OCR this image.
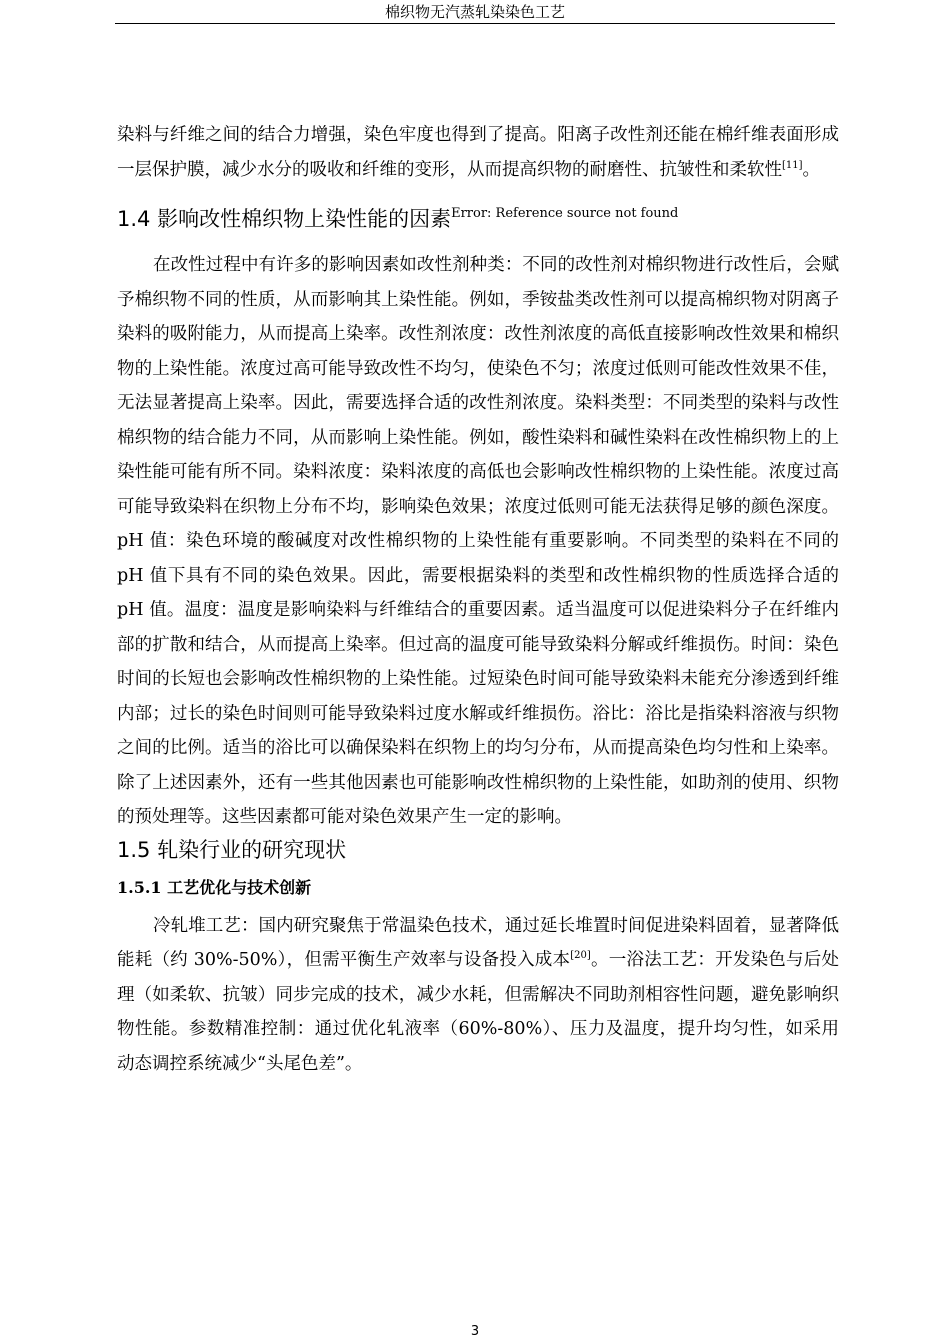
棉织物无汽蒸轧染染色工艺

染料与纤维之间的结合力增强，染色牢度也得到了提高。阳离子改性剂还能在棉纤维表面形成一层保护膜，减少水分的吸收和纤维的变形，从而提高织物的耐磨性、抗皱性和柔软性[11]。

1.4 影响改性棉织物上染性能的因素$^{Error: Reference source not found}$

在改性过程中有许多的影响因素如改性剂种类：不同的改性剂对棉织物进行改性后，会赋予棉织物不同的性质，从而影响其上染性能。例如，季铵盐类改性剂可以提高棉织物对阴离子染料的吸附能力，从而提高上染率。改性剂浓度：改性剂浓度的高低直接影响改性效果和棉织物的上染性能。浓度过高可能导致改性不均匀，使染色不匀；浓度过低则可能改性效果不佳，无法显著提高上染率。因此，需要选择合适的改性剂浓度。染料类型：不同类型的染料与改性棉织物的结合能力不同，从而影响上染性能。例如，酸性染料和碱性染料在改性棉织物上的上染性能可能有所不同。染料浓度：染料浓度的高低也会影响改性棉织物的上染性能。浓度过高可能导致染料在织物上分布不均，影响染色效果；浓度过低则可能无法获得足够的颜色深度。pH 值：染色环境的酸碱度对改性棉织物的上染性能有重要影响。不同类型的染料在不同的 pH 值下具有不同的染色效果。因此，需要根据染料的类型和改性棉织物的性质选择合适的 pH 值。温度：温度是影响染料与纤维结合的重要因素。适当温度可以促进染料分子在纤维内部的扩散和结合，从而提高上染率。但过高的温度可能导致染料分解或纤维损伤。时间：染色时间的长短也会影响改性棉织物的上染性能。过短染色时间可能导致染料未能充分渗透到纤维内部；过长的染色时间则可能导致染料过度水解或纤维损伤。浴比：浴比是指染料溶液与织物之间的比例。适当的浴比可以确保染料在织物上的均匀分布，从而提高染色均匀性和上染率。除了上述因素外，还有一些其他因素也可能影响改性棉织物的上染性能，如助剂的使用、织物的预处理等。这些因素都可能对染色效果产生一定的影响。

1.5 轧染行业的研究现状
1.5.1 工艺优化与技术创新

冷轧堆工艺：国内研究聚焦于常温染色技术，通过延长堆置时间促进染料固着，显著降低能耗（约 30%-50%），但需平衡生产效率与设备投入成本[20]。一浴法工艺：开发染色与后处理（如柔软、抗皱）同步完成的技术，减少水耗，但需解决不同助剂相容性问题，避免影响织物性能。参数精准控制：通过优化轧液率（60%-80%）、压力及温度，提升均匀性，如采用动态调控系统减少“头尾色差”。

3
